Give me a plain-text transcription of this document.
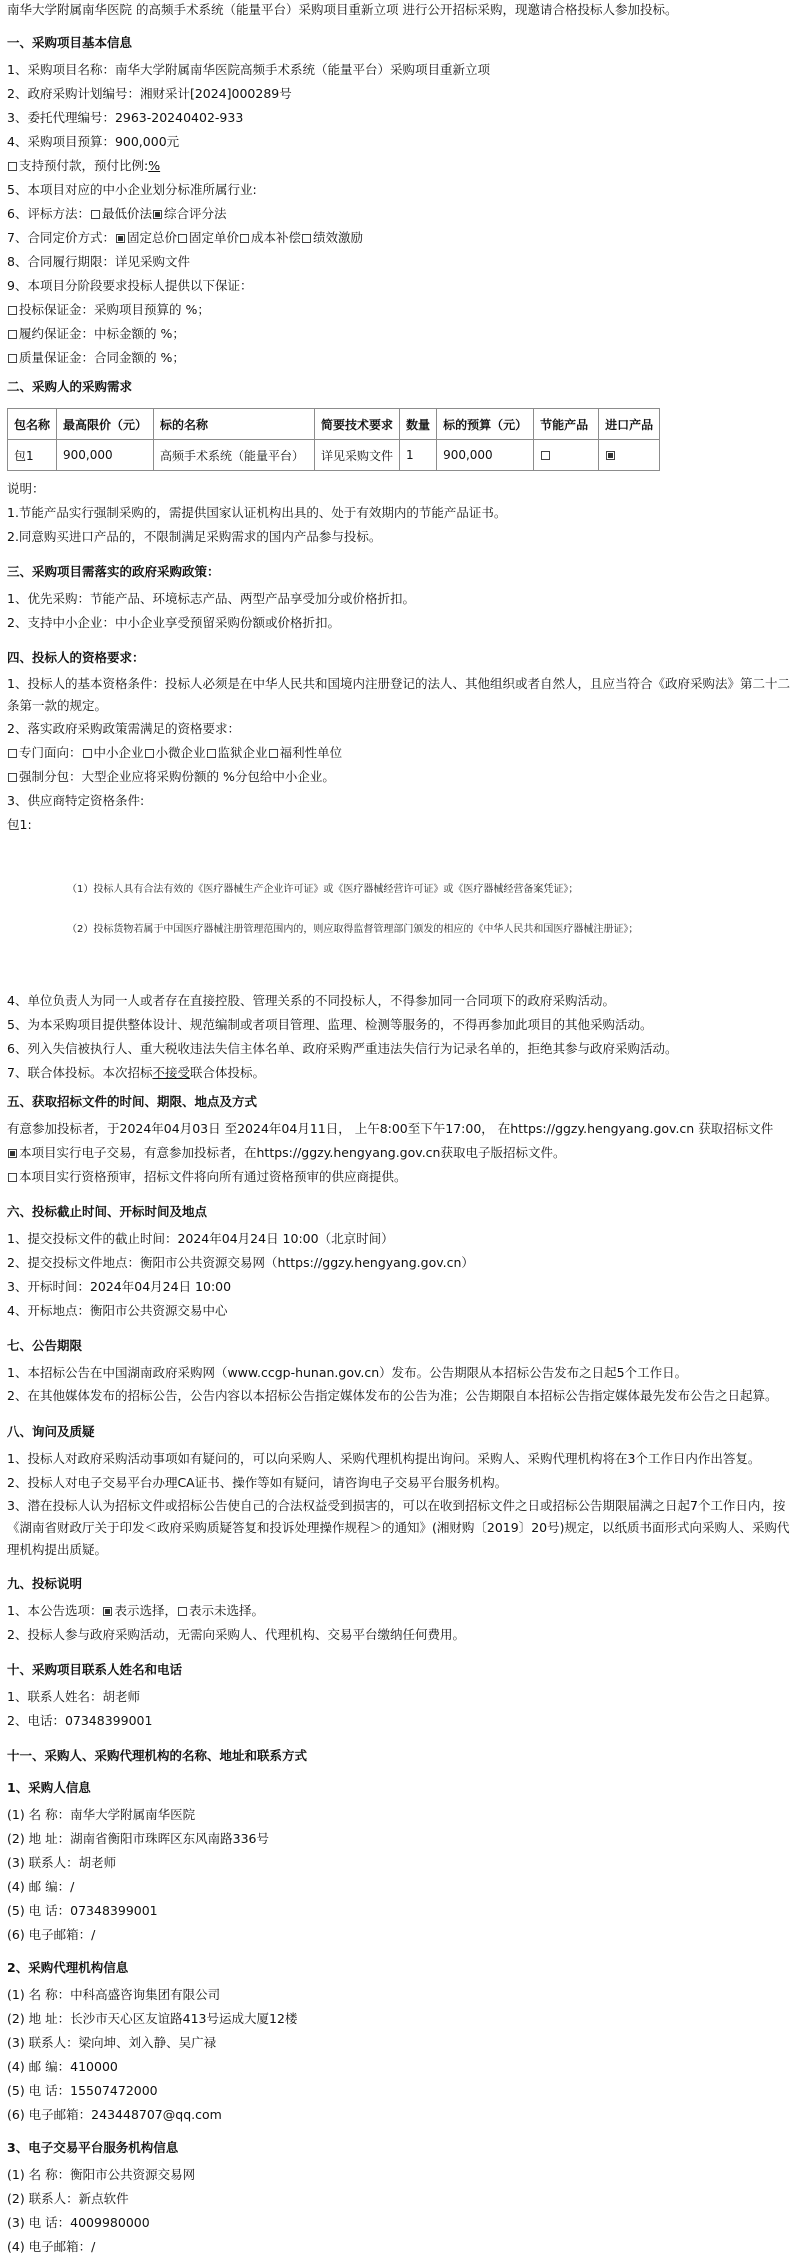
南华大学附属南华医院 的高频手术系统（能量平台）采购项目重新立项 进行公开招标采购，现邀请合格投标人参加投标。

一、采购项目基本信息

1、采购项目名称：南华大学附属南华医院高频手术系统（能量平台）采购项目重新立项

2、政府采购计划编号：湘财采计[2024]000289号

3、委托代理编号：2963-20240402-933

4、采购项目预算：900,000元

支持预付款，预付比例:%

5、本项目对应的中小企业划分标准所属行业:

6、评标方法： 最低价法 综合评分法

7、合同定价方式： 固定总价 固定单价 成本补偿 绩效激励

8、合同履行期限：详见采购文件

9、本项目分阶段要求投标人提供以下保证：

投标保证金：采购项目预算的 %；

履约保证金：中标金额的 %；

质量保证金：合同金额的 %；

二、采购人的采购需求

包名称	最高限价（元）	标的名称	简要技术要求	数量	标的预算（元）	节能产品	进口产品
包1	900,000	高频手术系统（能量平台）	详见采购文件	1	900,000		

说明：

1.节能产品实行强制采购的，需提供国家认证机构出具的、处于有效期内的节能产品证书。

2.同意购买进口产品的，不限制满足采购需求的国内产品参与投标。

三、采购项目需落实的政府采购政策：

1、优先采购：节能产品、环境标志产品、两型产品享受加分或价格折扣。

2、支持中小企业：中小企业享受预留采购份额或价格折扣。

四、投标人的资格要求：

1、投标人的基本资格条件：投标人必须是在中华人民共和国境内注册登记的法人、其他组织或者自然人，且应当符合《政府采购法》第二十二条第一款的规定。

2、落实政府采购政策需满足的资格要求：

专门面向： 中小企业 小微企业 监狱企业 福利性单位

强制分包：大型企业应将采购份额的 %分包给中小企业。

3、供应商特定资格条件:

包1:

（1）投标人具有合法有效的《医疗器械生产企业许可证》或《医疗器械经营许可证》或《医疗器械经营备案凭证》；

（2）投标货物若属于中国医疗器械注册管理范围内的，则应取得监督管理部门颁发的相应的《中华人民共和国医疗器械注册证》；

4、单位负责人为同一人或者存在直接控股、管理关系的不同投标人，不得参加同一合同项下的政府采购活动。

5、为本采购项目提供整体设计、规范编制或者项目管理、监理、检测等服务的，不得再参加此项目的其他采购活动。

6、列入失信被执行人、重大税收违法失信主体名单、政府采购严重违法失信行为记录名单的，拒绝其参与政府采购活动。

7、联合体投标。本次招标不接受联合体投标。

五、获取招标文件的时间、期限、地点及方式

有意参加投标者，于2024年04月03日 至2024年04月11日， 上午8:00至下午17:00， 在https://ggzy.hengyang.gov.cn 获取招标文件

本项目实行电子交易，有意参加投标者，在https://ggzy.hengyang.gov.cn获取电子版招标文件。

本项目实行资格预审，招标文件将向所有通过资格预审的供应商提供。

六、投标截止时间、开标时间及地点

1、提交投标文件的截止时间：2024年04月24日 10:00（北京时间）

2、提交投标文件地点：衡阳市公共资源交易网（https://ggzy.hengyang.gov.cn）

3、开标时间：2024年04月24日 10:00

4、开标地点：衡阳市公共资源交易中心

七、公告期限

1、本招标公告在中国湖南政府采购网（www.ccgp-hunan.gov.cn）发布。公告期限从本招标公告发布之日起5个工作日。

2、在其他媒体发布的招标公告，公告内容以本招标公告指定媒体发布的公告为准；公告期限自本招标公告指定媒体最先发布公告之日起算。

八、询问及质疑

1、投标人对政府采购活动事项如有疑问的，可以向采购人、采购代理机构提出询问。采购人、采购代理机构将在3个工作日内作出答复。

2、投标人对电子交易平台办理CA证书、操作等如有疑问，请咨询电子交易平台服务机构。

3、潜在投标人认为招标文件或招标公告使自己的合法权益受到损害的，可以在收到招标文件之日或招标公告期限届满之日起7个工作日内，按《湖南省财政厅关于印发＜政府采购质疑答复和投诉处理操作规程＞的通知》(湘财购〔2019〕20号)规定，以纸质书面形式向采购人、采购代理机构提出质疑。

九、投标说明

1、本公告选项： 表示选择， 表示未选择。

2、投标人参与政府采购活动，无需向采购人、代理机构、交易平台缴纳任何费用。

十、采购项目联系人姓名和电话

1、联系人姓名：胡老师

2、电话：07348399001

十一、采购人、采购代理机构的名称、地址和联系方式

1、采购人信息

(1) 名 称：南华大学附属南华医院

(2) 地 址：湖南省衡阳市珠晖区东风南路336号

(3) 联系人：胡老师

(4) 邮 编：/

(5) 电 话：07348399001

(6) 电子邮箱：/

2、采购代理机构信息

(1) 名 称：中科高盛咨询集团有限公司

(2) 地 址：长沙市天心区友谊路413号运成大厦12楼

(3) 联系人：梁向坤、刘入静、吴广禄

(4) 邮 编：410000

(5) 电 话：15507472000

(6) 电子邮箱：243448707@qq.com

3、电子交易平台服务机构信息

(1) 名 称：衡阳市公共资源交易网

(2) 联系人：新点软件

(3) 电 话：4009980000

(4) 电子邮箱：/
